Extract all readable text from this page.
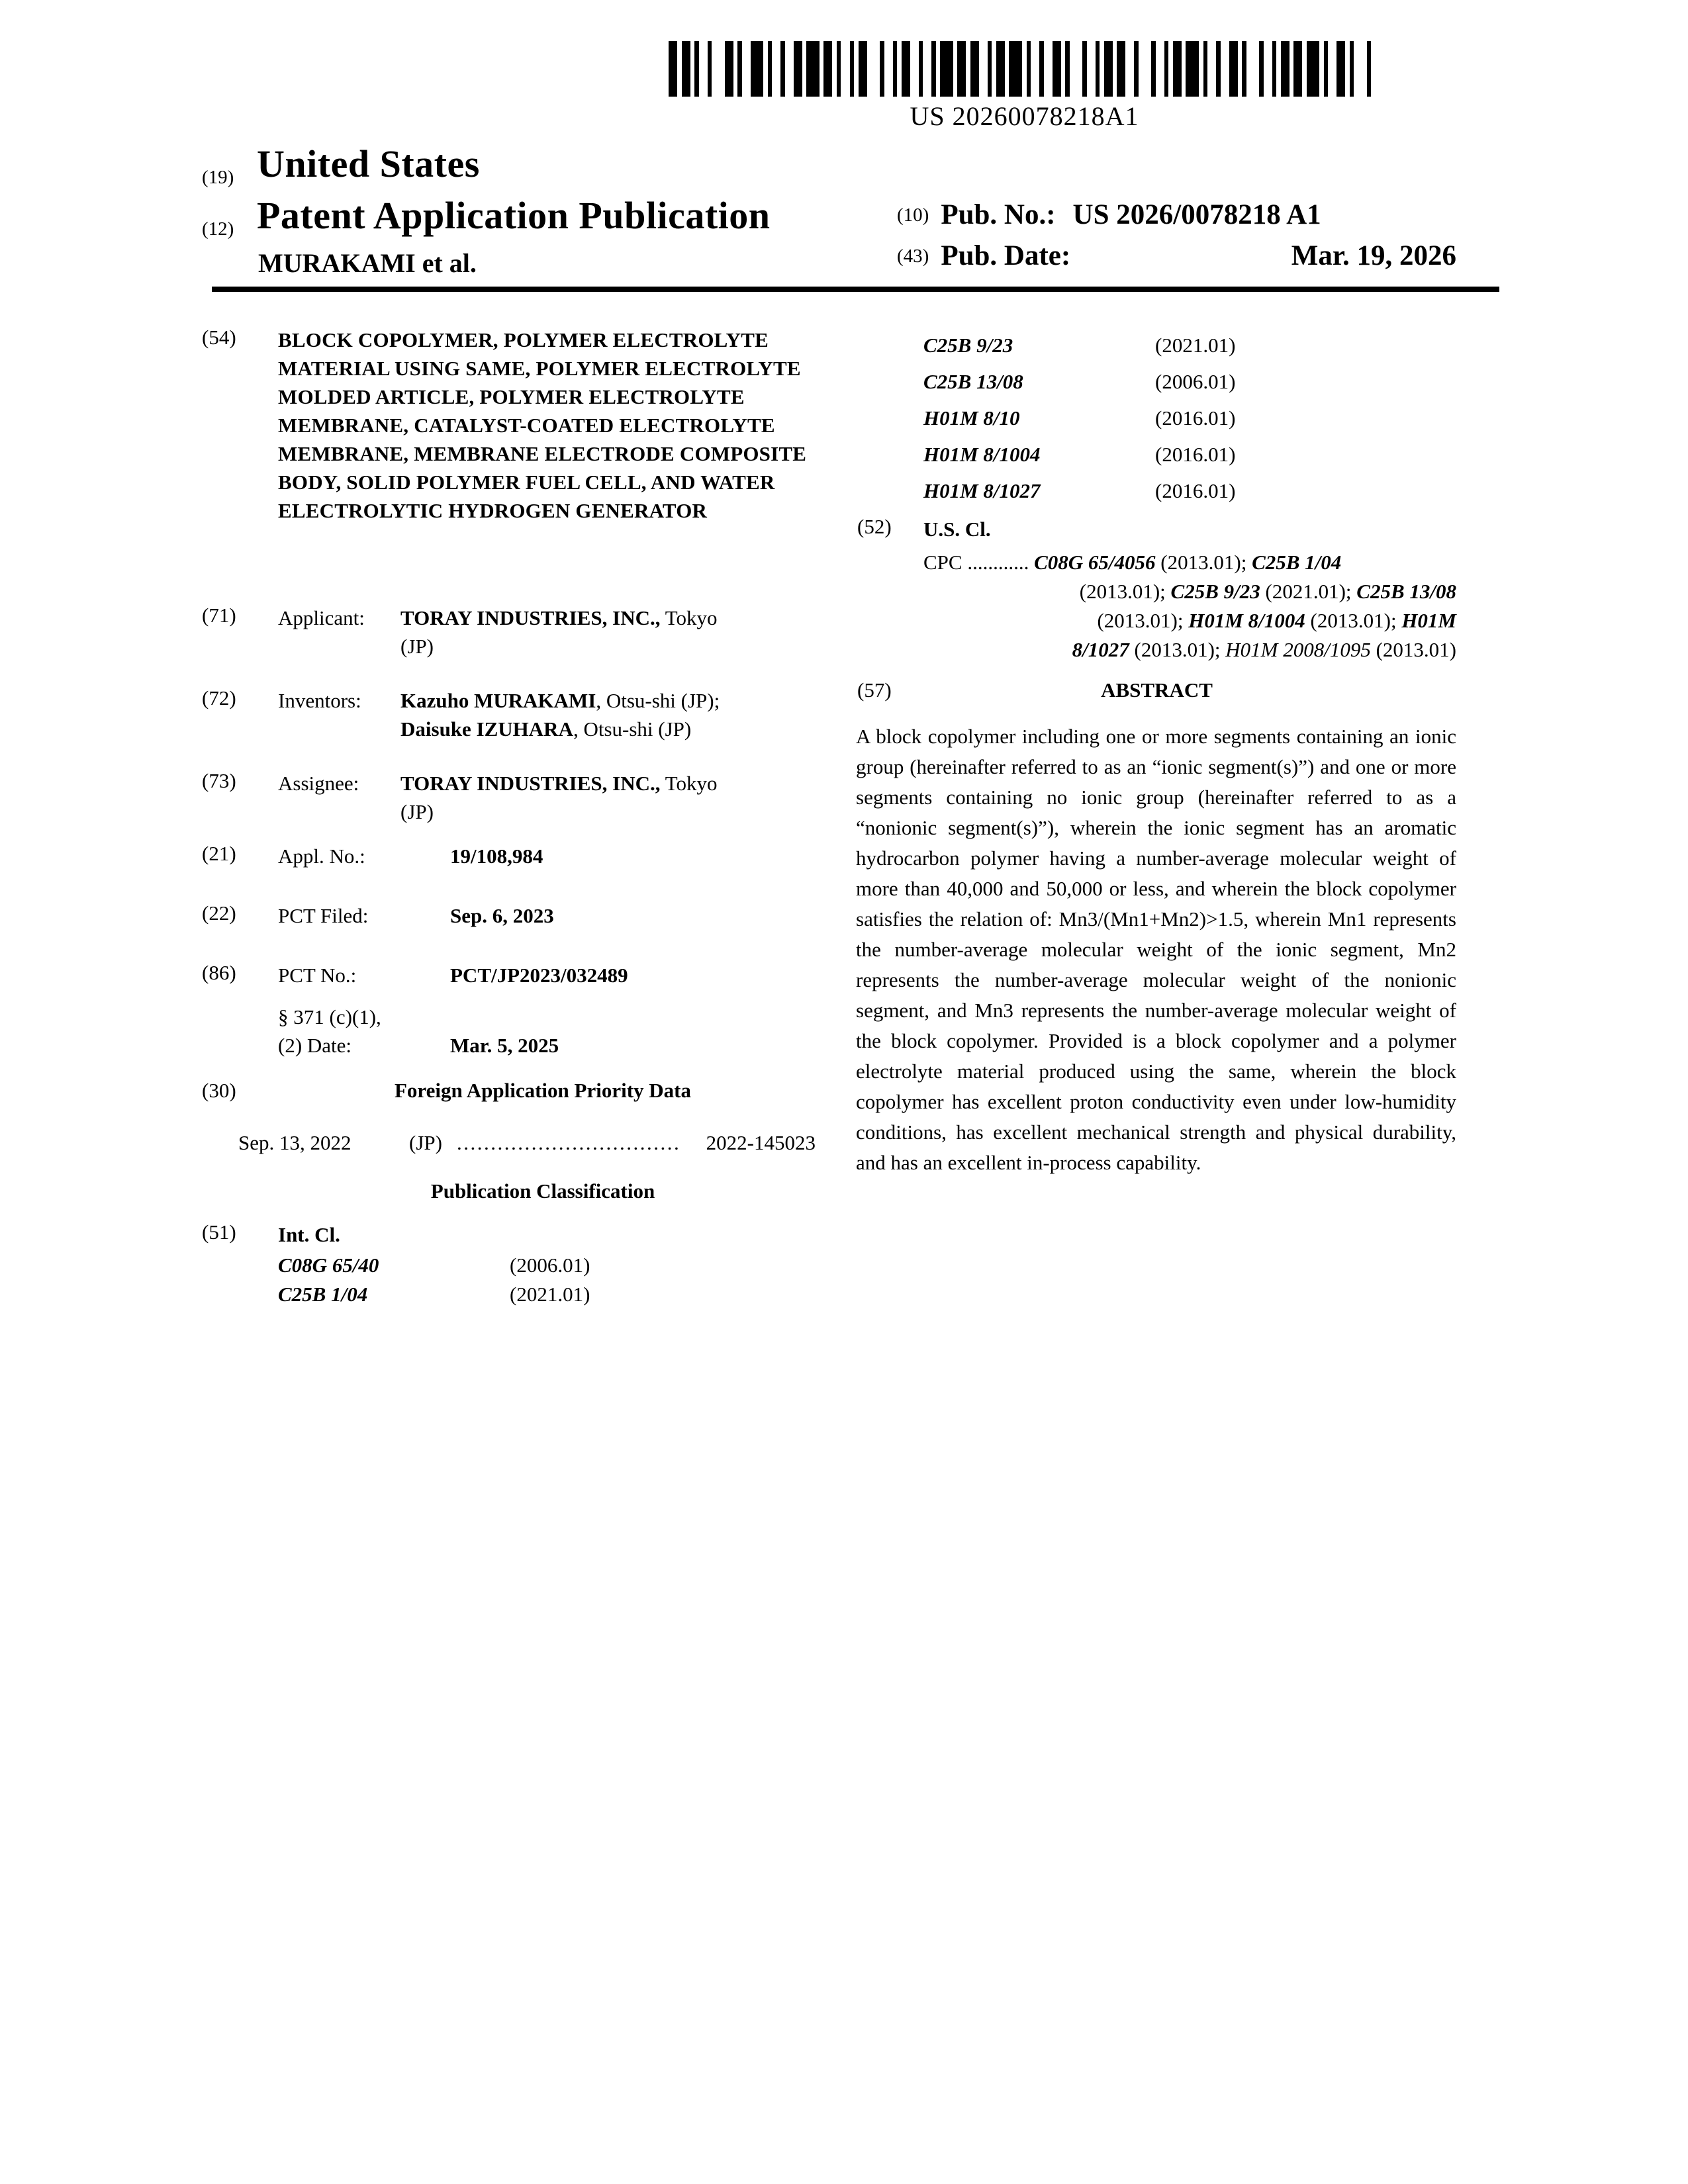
US 20260078218A1
(19) United States
(12) Patent Application Publication
MURAKAMI et al.
(10) Pub. No.: US 2026/0078218 A1
(43) Pub. Date:	Mar. 19, 2026
(54) BLOCK COPOLYMER, POLYMER ELECTROLYTE MATERIAL USING SAME, POLYMER ELECTROLYTE MOLDED ARTICLE, POLYMER ELECTROLYTE MEMBRANE, CATALYST-COATED ELECTROLYTE MEMBRANE, MEMBRANE ELECTRODE COMPOSITE BODY, SOLID POLYMER FUEL CELL, AND WATER ELECTROLYTIC HYDROGEN GENERATOR
(71) Applicant: TORAY INDUSTRIES, INC., Tokyo
(JP)
(72) Inventors: Kazuho MURAKAMI, Otsu-shi (JP);
Daisuke IZUHARA, Otsu-shi (JP)
(73) Assignee: TORAY INDUSTRIES, INC., Tokyo
(JP)
(21) Appl. No.:	19/108,984
(22) PCT Filed:	Sep. 6, 2023
(86) PCT No.:	PCT/JP2023/032489
§ 371 (c)(1),
(2) Date:	Mar. 5, 2025
(30)	Foreign Application Priority Data
Sep. 13, 2022	(JP) ................................. 2022-145023
Publication Classification
(51) Int. Cl.
C08G 65/40	(2006.01)
C25B 1/04	(2021.01)
C25B 9/23	(2021.01)
C25B 13/08	(2006.01)
H01M 8/10	(2016.01)
H01M 8/1004	(2016.01)
H01M 8/1027	(2016.01)
(52) U.S. Cl.
CPC ............ C08G 65/4056 (2013.01); C25B 1/04
(2013.01); C25B 9/23 (2021.01); C25B 13/08
(2013.01); H01M 8/1004 (2013.01); H01M
8/1027 (2013.01); H01M 2008/1095 (2013.01)
(57)	ABSTRACT
A block copolymer including one or more segments containing an ionic group (hereinafter referred to as an “ionic segment(s)”) and one or more segments containing no ionic group (hereinafter referred to as a “nonionic segment(s)”), wherein the ionic segment has an aromatic hydrocarbon polymer having a number-average molecular weight of more than 40,000 and 50,000 or less, and wherein the block copolymer satisfies the relation of: Mn3/(Mn1+Mn2)>1.5, wherein Mn1 represents the number-average molecular weight of the ionic segment, Mn2 represents the number-average molecular weight of the nonionic segment, and Mn3 represents the number-average molecular weight of the block copolymer. Provided is a block copolymer and a polymer electrolyte material produced using the same, wherein the block copolymer has excellent proton conductivity even under low-humidity conditions, has excellent mechanical strength and physical durability, and has an excellent in-process capability.
